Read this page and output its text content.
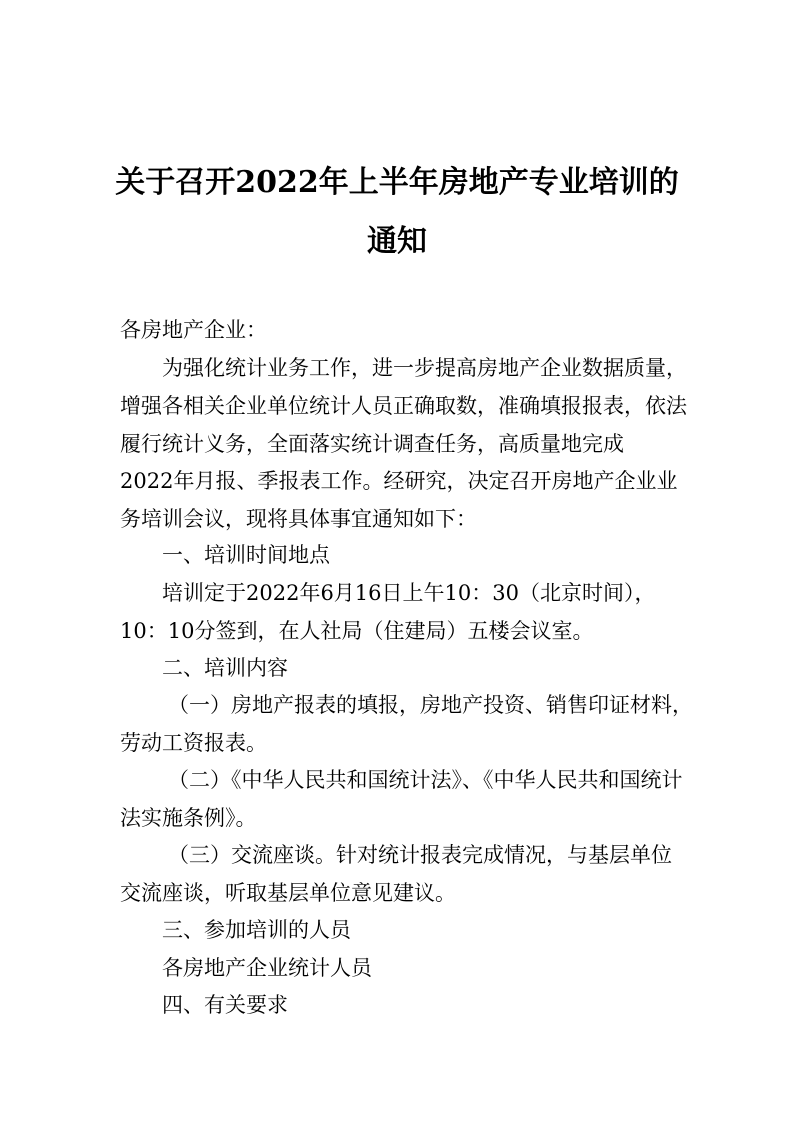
关于召开2022年上半年房地产专业培训的
通知
各房地产企业：
为强化统计业务工作，进一步提高房地产企业数据质量，
增强各相关企业单位统计人员正确取数，准确填报报表，依法
履行统计义务，全面落实统计调查任务，高质量地完成
2022年月报、季报表工作。经研究，决定召开房地产企业业
务培训会议，现将具体事宜通知如下：
一、培训时间地点
培训定于2022年6月16日上午10：30（北京时间），
10：10分签到，在人社局（住建局）五楼会议室。
二、培训内容
（一）房地产报表的填报，房地产投资、销售印证材料，
劳动工资报表。
（二）《中华人民共和国统计法》、《中华人民共和国统计
法实施条例》。
（三）交流座谈。针对统计报表完成情况，与基层单位
交流座谈，听取基层单位意见建议。
三、参加培训的人员
各房地产企业统计人员
四、有关要求
